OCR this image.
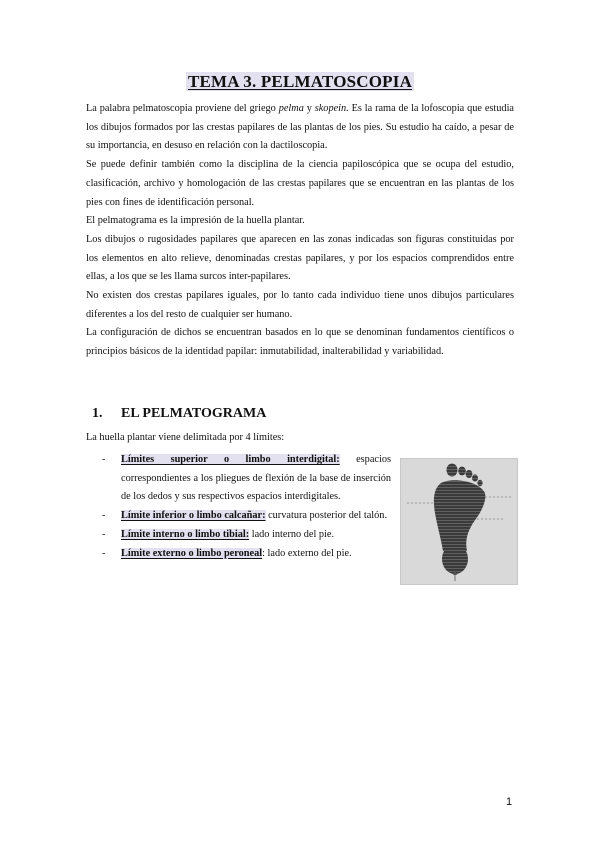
TEMA 3. PELMATOSCOPIA

La palabra pelmatoscopia proviene del griego pelma y skopein. Es la rama de la lofoscopia que estudia los dibujos formados por las crestas papilares de las plantas de los pies. Su estudio ha caído, a pesar de su importancia, en desuso en relación con la dactiloscopia.

Se puede definir también como la disciplina de la ciencia papiloscópica que se ocupa del estudio, clasificación, archivo y homologación de las crestas papilares que se encuentran en las plantas de los pies con fines de identificación personal.

El pelmatograma es la impresión de la huella plantar.

Los dibujos o rugosidades papilares que aparecen en las zonas indicadas son figuras constituidas por los elementos en alto relieve, denominadas crestas papilares, y por los espacios comprendidos entre ellas, a los que se les llama surcos inter-papilares.

No existen dos crestas papilares iguales, por lo tanto cada individuo tiene unos dibujos particulares diferentes a los del resto de cualquier ser humano.

La configuración de dichos se encuentran basados en lo que se denominan fundamentos científicos o principios básicos de la identidad papilar: inmutabilidad, inalterabilidad y variabilidad.

1. EL PELMATOGRAMA
La huella plantar viene delimitada por 4 límites:
- Límites superior o limbo interdigital: espacios correspondientes a los pliegues de flexión de la base de inserción de los dedos y sus respectivos espacios interdigitales.
- Límite inferior o limbo calcañar: curvatura posterior del talón.
- Límite interno o limbo tibial: lado interno del pie.
- Límite externo o limbo peroneal: lado externo del pie.
1
